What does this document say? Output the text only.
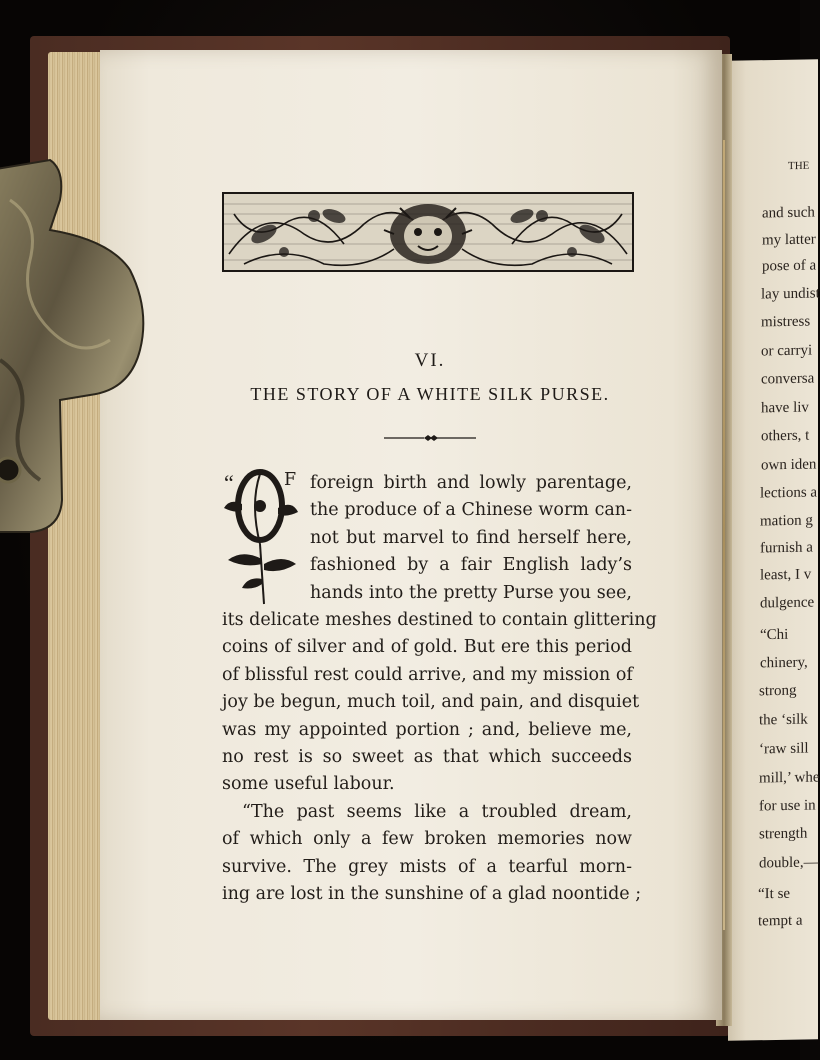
VI.
THE STORY OF A WHITE SILK PURSE.
“	F foreign birth and lowly parentage,
the produce of a Chinese worm can-
not but marvel to find herself here,
fashioned by a fair English lady’s
hands into the pretty Purse you see,
its delicate meshes destined to contain glittering
coins of silver and of gold. But ere this period
of blissful rest could arrive, and my mission of
joy be begun, much toil, and pain, and disquiet
was my appointed portion ; and, believe me,
no rest is so sweet as that which succeeds
some useful labour.
“The past seems like a troubled dream,
of which only a few broken memories now
survive. The grey mists of a tearful morn-
ing are lost in the sunshine of a glad noontide ;
THE
and such
my latter
pose of a
lay undist
mistress
or carryi
conversa
have liv
others, t
own iden
lections a
mation g
furnish a
least, I v
dulgence
“Chi
chinery,
strong
the ‘silk
‘raw sill
mill,’ whe
for use in
strength
double,—
“It se
tempt a
